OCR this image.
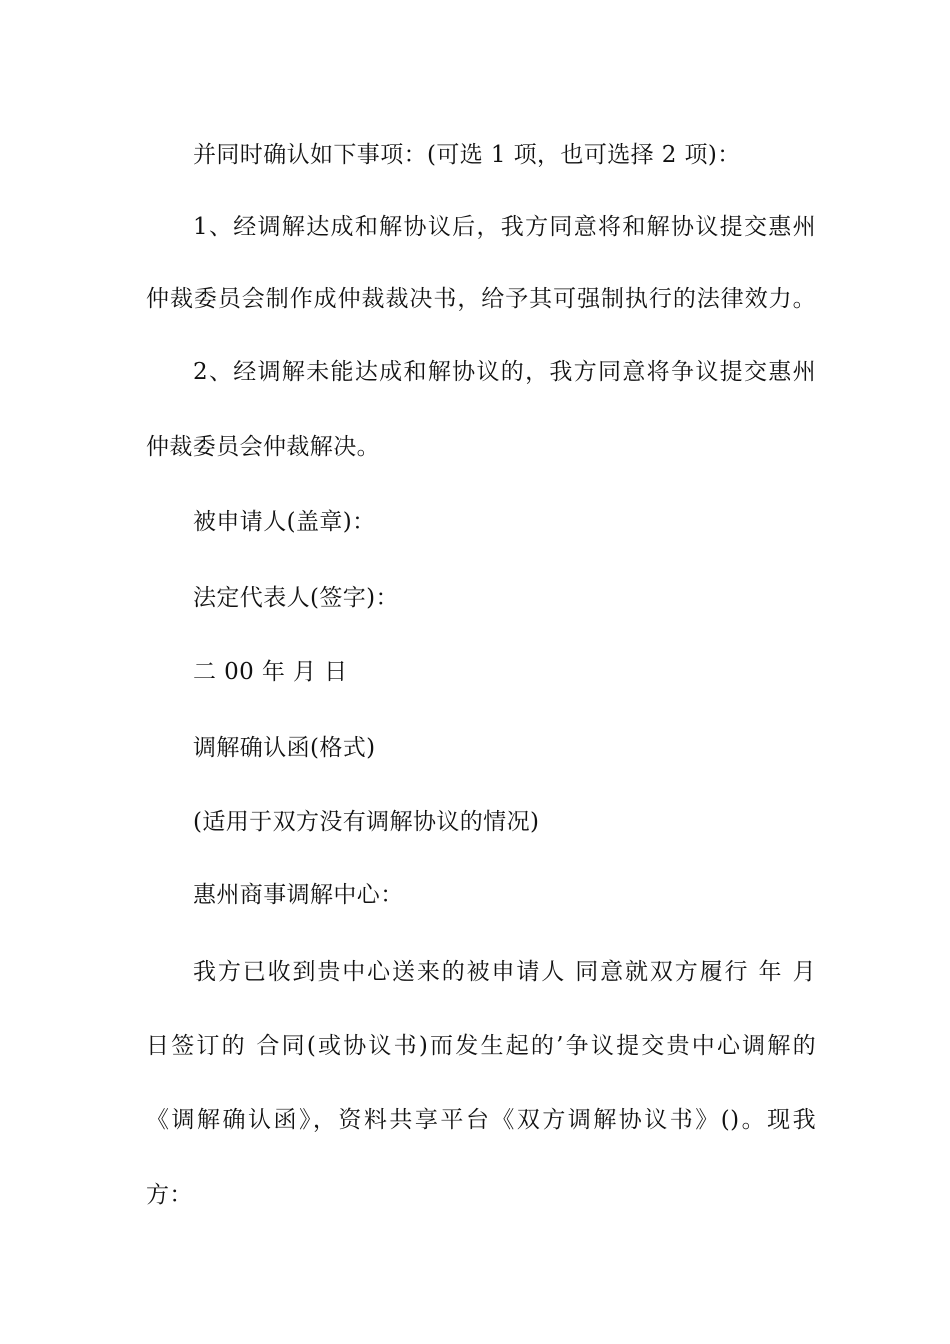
并同时确认如下事项：(可选 1 项，也可选择 2 项)：
1、经调解达成和解协议后，我方同意将和解协议提交惠州
仲裁委员会制作成仲裁裁决书，给予其可强制执行的法律效力。
2、经调解未能达成和解协议的，我方同意将争议提交惠州
仲裁委员会仲裁解决。
被申请人(盖章)：
法定代表人(签字)：
二 00 年 月 日
调解确认函(格式)
(适用于双方没有调解协议的情况)
惠州商事调解中心：
我方已收到贵中心送来的被申请人 同意就双方履行 年 月
日签订的 合同(或协议书)而发生起的’争议提交贵中心调解的
《调解确认函》，资料共享平台《双方调解协议书》()。现我
方：
